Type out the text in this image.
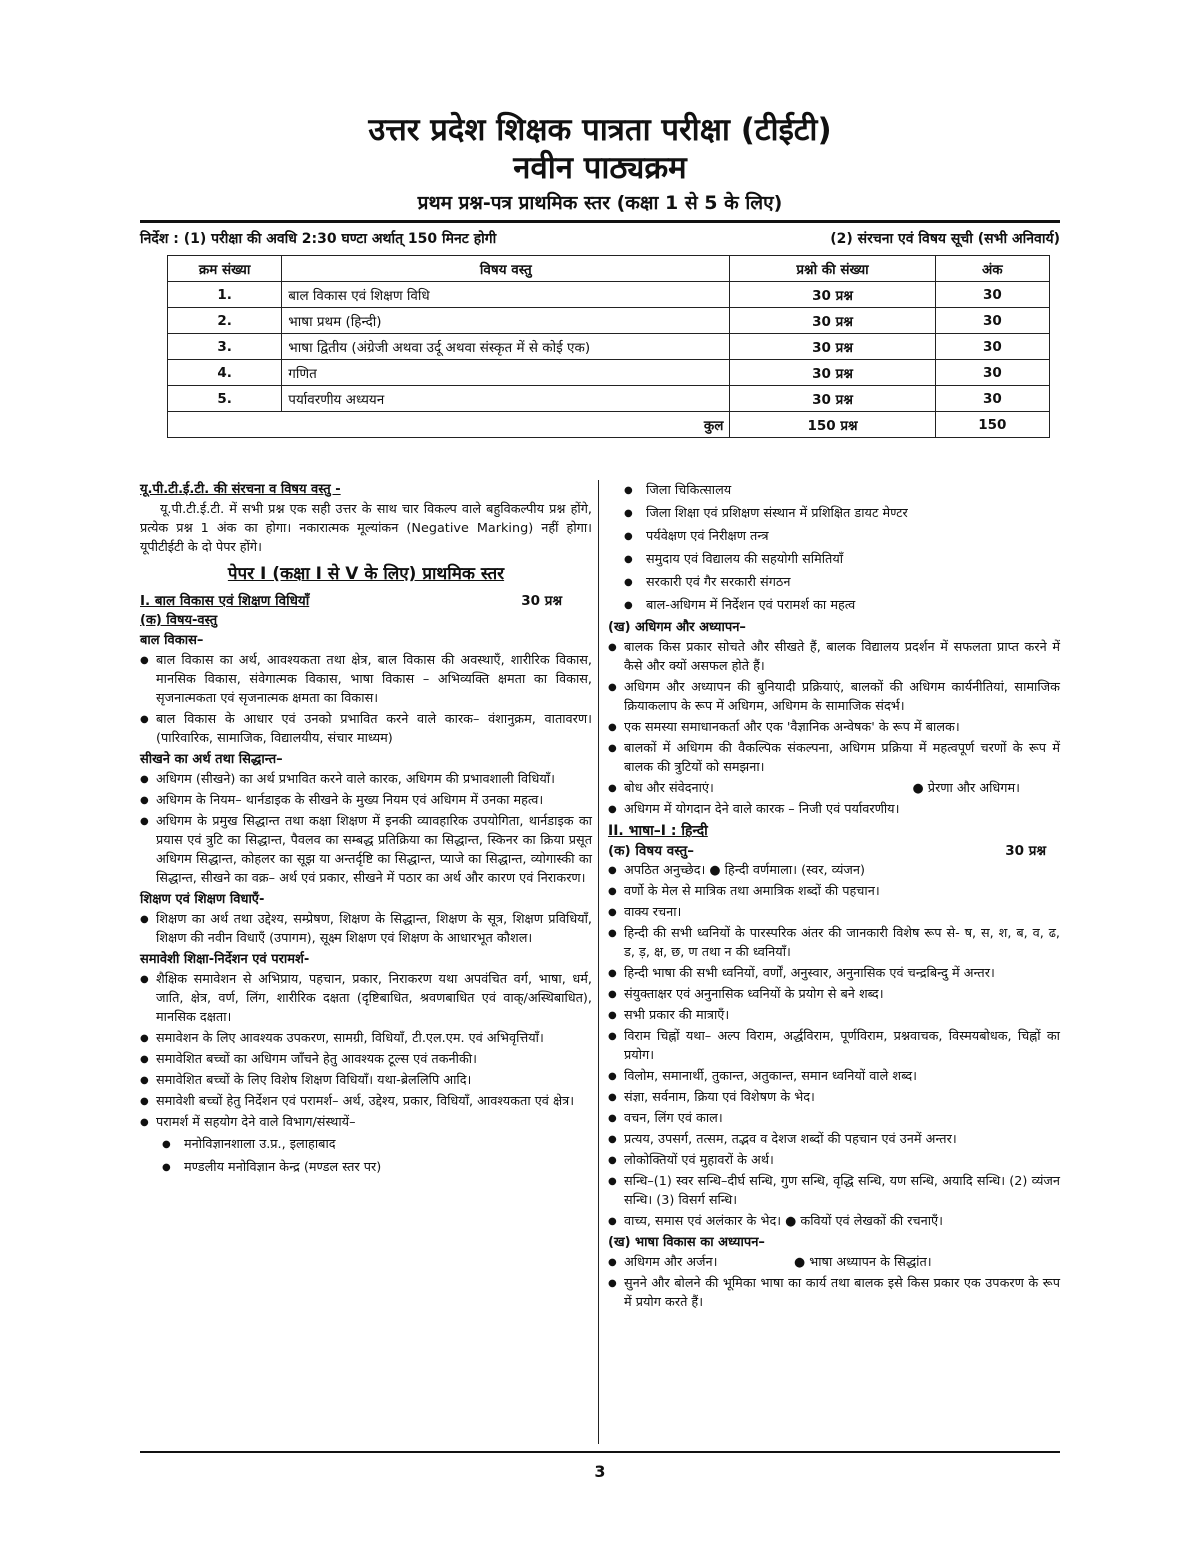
उत्तर प्रदेश शिक्षक पात्रता परीक्षा (टीईटी)
नवीन पाठ्यक्रम
प्रथम प्रश्न-पत्र प्राथमिक स्तर (कक्षा 1 से 5 के लिए)
निर्देश : (1) परीक्षा की अवधि 2:30 घण्टा अर्थात् 150 मिनट होगी	(2) संरचना एवं विषय सूची (सभी अनिवार्य)
क्रम संख्या	विषय वस्तु	प्रश्नो की संख्या	अंक
1.	बाल विकास एवं शिक्षण विधि	30 प्रश्न	30
2.	भाषा प्रथम (हिन्दी)	30 प्रश्न	30
3.	भाषा द्वितीय (अंग्रेजी अथवा उर्दू अथवा संस्कृत में से कोई एक)	30 प्रश्न	30
4.	गणित	30 प्रश्न	30
5.	पर्यावरणीय अध्ययन	30 प्रश्न	30
कुल		150 प्रश्न	150

यू.पी.टी.ई.टी. की संरचना व विषय वस्तु -

यू.पी.टी.ई.टी. में सभी प्रश्न एक सही उत्तर के साथ चार विकल्प वाले बहुविकल्पीय प्रश्न होंगे, प्रत्येक प्रश्न 1 अंक का होगा। नकारात्मक मूल्यांकन (Negative Marking) नहीं होगा। यूपीटीईटी के दो पेपर होंगे।

पेपर I (कक्षा I से V के लिए) प्राथमिक स्तर

I. बाल विकास एवं शिक्षण विधियाँ	30 प्रश्न

(क) विषय-वस्तु

बाल विकास–

● बाल विकास का अर्थ, आवश्यकता तथा क्षेत्र, बाल विकास की अवस्थाएँ, शारीरिक विकास, मानसिक विकास, संवेगात्मक विकास, भाषा विकास – अभिव्यक्ति क्षमता का विकास, सृजनात्मकता एवं सृजनात्मक क्षमता का विकास।
● बाल विकास के आधार एवं उनको प्रभावित करने वाले कारक– वंशानुक्रम, वातावरण। (पारिवारिक, सामाजिक, विद्यालयीय, संचार माध्यम)

सीखने का अर्थ तथा सिद्धान्त–

● अधिगम (सीखने) का अर्थ प्रभावित करने वाले कारक, अधिगम की प्रभावशाली विधियाँ।
● अधिगम के नियम– थार्नडाइक के सीखने के मुख्य नियम एवं अधिगम में उनका महत्व।
● अधिगम के प्रमुख सिद्धान्त तथा कक्षा शिक्षण में इनकी व्यावहारिक उपयोगिता, थार्नडाइक का प्रयास एवं त्रुटि का सिद्धान्त, पैवलव का सम्बद्ध प्रतिक्रिया का सिद्धान्त, स्किनर का क्रिया प्रसूत अधिगम सिद्धान्त, कोहलर का सूझ या अन्तर्दृष्टि का सिद्धान्त, प्याजे का सिद्धान्त, व्योगास्की का सिद्धान्त, सीखने का वक्र– अर्थ एवं प्रकार, सीखने में पठार का अर्थ और कारण एवं निराकरण।

शिक्षण एवं शिक्षण विधाएँ-

● शिक्षण का अर्थ तथा उद्देश्य, सम्प्रेषण, शिक्षण के सिद्धान्त, शिक्षण के सूत्र, शिक्षण प्रविधियाँ, शिक्षण की नवीन विधाएँ (उपागम), सूक्ष्म शिक्षण एवं शिक्षण के आधारभूत कौशल।

समावेशी शिक्षा-निर्देशन एवं परामर्श-

● शैक्षिक समावेशन से अभिप्राय, पहचान, प्रकार, निराकरण यथा अपवंचित वर्ग, भाषा, धर्म, जाति, क्षेत्र, वर्ण, लिंग, शारीरिक दक्षता (दृष्टिबाधित, श्रवणबाधित एवं वाक्/अस्थिबाधित), मानसिक दक्षता।
● समावेशन के लिए आवश्यक उपकरण, सामग्री, विधियाँ, टी.एल.एम. एवं अभिवृत्तियाँ।
● समावेशित बच्चों का अधिगम जाँचने हेतु आवश्यक टूल्स एवं तकनीकी।
● समावेशित बच्चों के लिए विशेष शिक्षण विधियाँ। यथा-ब्रेललिपि आदि।
● समावेशी बच्चों हेतु निर्देशन एवं परामर्श– अर्थ, उद्देश्य, प्रकार, विधियाँ, आवश्यकता एवं क्षेत्र।
● परामर्श में सहयोग देने वाले विभाग/संस्थायें–
● मनोविज्ञानशाला उ.प्र., इलाहाबाद
● मण्डलीय मनोविज्ञान केन्द्र (मण्डल स्तर पर)
● जिला चिकित्सालय
● जिला शिक्षा एवं प्रशिक्षण संस्थान में प्रशिक्षित डायट मेण्टर
● पर्यवेक्षण एवं निरीक्षण तन्त्र
● समुदाय एवं विद्यालय की सहयोगी समितियाँ
● सरकारी एवं गैर सरकारी संगठन
● बाल-अधिगम में निर्देशन एवं परामर्श का महत्व

(ख) अधिगम और अध्यापन–

● बालक किस प्रकार सोचते और सीखते हैं, बालक विद्यालय प्रदर्शन में सफलता प्राप्त करने में कैसे और क्यों असफल होते हैं।
● अधिगम और अध्यापन की बुनियादी प्रक्रियाएं, बालकों की अधिगम कार्यनीतियां, सामाजिक क्रियाकलाप के रूप में अधिगम, अधिगम के सामाजिक संदर्भ।
● एक समस्या समाधानकर्ता और एक 'वैज्ञानिक अन्वेषक' के रूप में बालक।
● बालकों में अधिगम की वैकल्पिक संकल्पना, अधिगम प्रक्रिया में महत्वपूर्ण चरणों के रूप में बालक की त्रुटियों को समझना।
● बोध और संवेदनाएं।	● प्रेरणा और अधिगम।
● अधिगम में योगदान देने वाले कारक – निजी एवं पर्यावरणीय।

II. भाषा–I : हिन्दी

(क) विषय वस्तु–	30 प्रश्न
● अपठित अनुच्छेद। ● हिन्दी वर्णमाला। (स्वर, व्यंजन)
● वर्णो के मेल से मात्रिक तथा अमात्रिक शब्दों की पहचान।
● वाक्य रचना।
● हिन्दी की सभी ध्वनियों के पारस्परिक अंतर की जानकारी विशेष रूप से- ष, स, श, ब, व, ढ, ड, ड़, क्ष, छ, ण तथा न की ध्वनियाँ।
● हिन्दी भाषा की सभी ध्वनियों, वर्णों, अनुस्वार, अनुनासिक एवं चन्द्रबिन्दु में अन्तर।
● संयुक्ताक्षर एवं अनुनासिक ध्वनियों के प्रयोग से बने शब्द।
● सभी प्रकार की मात्राएँ।
● विराम चिह्नों यथा– अल्प विराम, अर्द्धविराम, पूर्णविराम, प्रश्नवाचक, विस्मयबोधक, चिह्नों का प्रयोग।
● विलोम, समानार्थी, तुकान्त, अतुकान्त, समान ध्वनियों वाले शब्द।
● संज्ञा, सर्वनाम, क्रिया एवं विशेषण के भेद।
● वचन, लिंग एवं काल।
● प्रत्यय, उपसर्ग, तत्सम, तद्भव व देशज शब्दों की पहचान एवं उनमें अन्तर।
● लोकोक्तियों एवं मुहावरों के अर्थ।
● सन्धि–(1) स्वर सन्धि–दीर्घ सन्धि, गुण सन्धि, वृद्धि सन्धि, यण सन्धि, अयादि सन्धि। (2) व्यंजन सन्धि। (3) विसर्ग सन्धि।
● वाच्य, समास एवं अलंकार के भेद। ● कवियों एवं लेखकों की रचनाएँ।

(ख) भाषा विकास का अध्यापन–

● अधिगम और अर्जन।	● भाषा अध्यापन के सिद्धांत।
● सुनने और बोलने की भूमिका भाषा का कार्य तथा बालक इसे किस प्रकार एक उपकरण के रूप में प्रयोग करते हैं।
3
